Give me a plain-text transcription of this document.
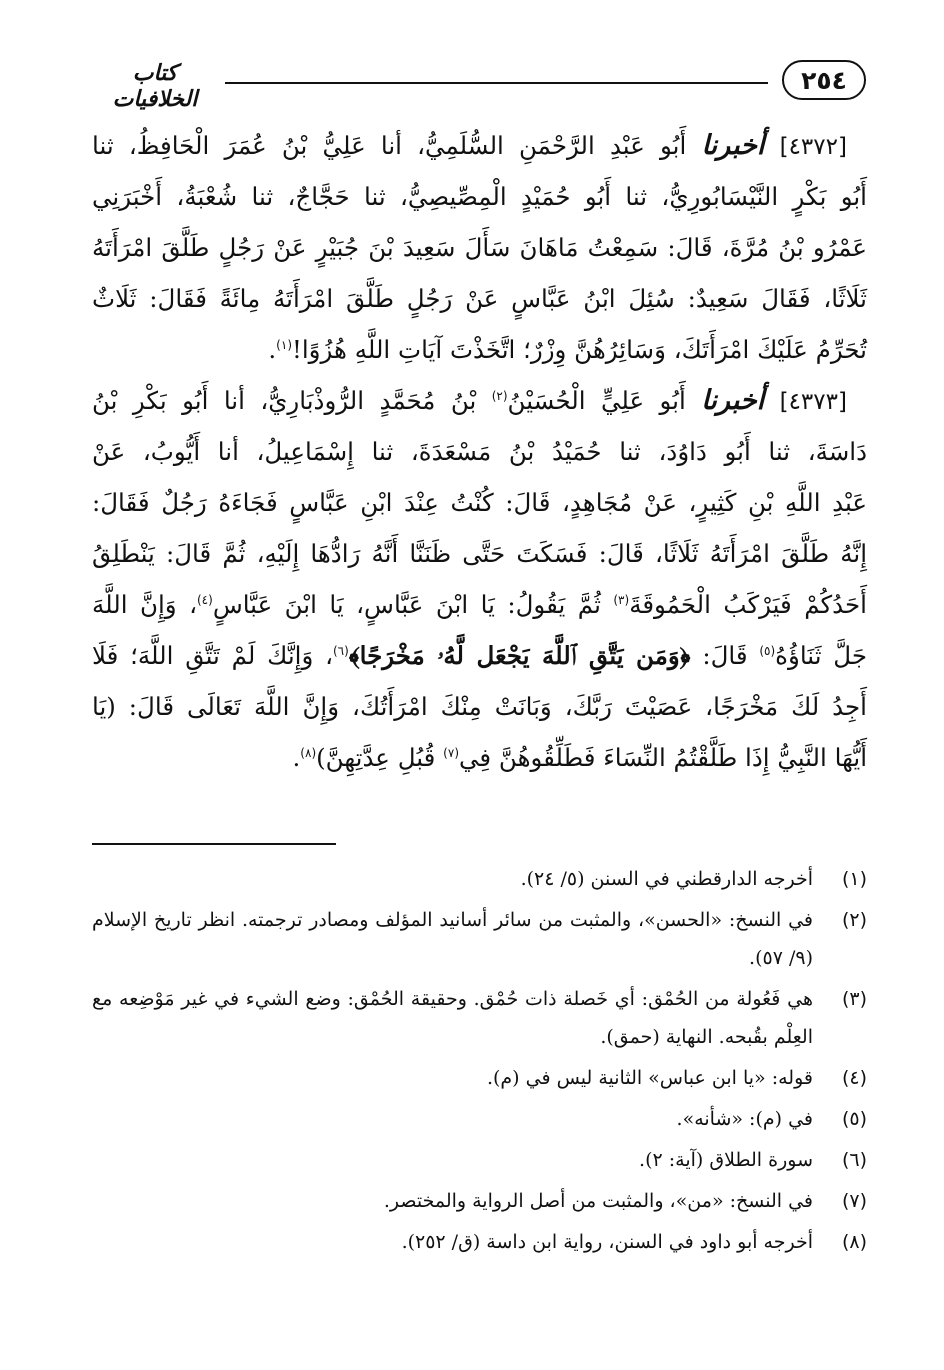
٢٥٤
كتاب الخلافيات
[٤٣٧٢] أخبرنا أَبُو عَبْدِ الرَّحْمَنِ السُّلَمِيُّ، أنا عَلِيُّ بْنُ عُمَرَ الْحَافِظُ، ثنا
أَبُو بَكْرٍ النَّيْسَابُورِيُّ، ثنا أَبُو حُمَيْدٍ الْمِصِّيصِيُّ، ثنا حَجَّاجٌ، ثنا شُعْبَةُ، أَخْبَرَنِي
عَمْرُو بْنُ مُرَّةَ، قَالَ: سَمِعْتُ مَاهَانَ سَأَلَ سَعِيدَ بْنَ جُبَيْرٍ عَنْ رَجُلٍ طَلَّقَ امْرَأَتَهُ
ثَلَاثًا، فَقَالَ سَعِيدٌ: سُئِلَ ابْنُ عَبَّاسٍ عَنْ رَجُلٍ طَلَّقَ امْرَأَتَهُ مِائَةً فَقَالَ: ثَلَاثٌ
تُحَرِّمُ عَلَيْكَ امْرَأَتَكَ، وَسَائِرُهُنَّ وِزْرٌ؛ اتَّخَذْتَ آيَاتِ اللَّهِ هُزُوًا!$^{(١)}$.
[٤٣٧٣] أخبرنا أَبُو عَلِيٍّ الْحُسَيْنُ$^{(٢)}$ بْنُ مُحَمَّدٍ الرُّوذْبَارِيُّ، أنا أَبُو بَكْرِ بْنُ
دَاسَةَ، ثنا أَبُو دَاوُدَ، ثنا حُمَيْدُ بْنُ مَسْعَدَةَ، ثنا إِسْمَاعِيلُ، أنا أَيُّوبُ، عَنْ
عَبْدِ اللَّهِ بْنِ كَثِيرٍ، عَنْ مُجَاهِدٍ، قَالَ: كُنْتُ عِنْدَ ابْنِ عَبَّاسٍ فَجَاءَهُ رَجُلٌ فَقَالَ:
إِنَّهُ طَلَّقَ امْرَأَتَهُ ثَلَاثًا، قَالَ: فَسَكَتَ حَتَّى ظَنَنَّا أَنَّهُ رَادُّهَا إِلَيْهِ، ثُمَّ قَالَ: يَنْطَلِقُ
أَحَدُكُمْ فَيَرْكَبُ الْحَمُوقَةَ$^{(٣)}$ ثُمَّ يَقُولُ: يَا ابْنَ عَبَّاسٍ، يَا ابْنَ عَبَّاسٍ$^{(٤)}$، وَإِنَّ اللَّهَ
جَلَّ ثَنَاؤُهُ$^{(٥)}$ قَالَ: ﴿وَمَن يَتَّقِ ٱللَّهَ يَجْعَل لَّهُۥ مَخْرَجًا﴾$^{(٦)}$، وَإِنَّكَ لَمْ تَتَّقِ اللَّهَ؛ فَلَا
أَجِدُ لَكَ مَخْرَجًا، عَصَيْتَ رَبَّكَ، وَبَانَتْ مِنْكَ امْرَأَتُكَ، وَإِنَّ اللَّهَ تَعَالَى قَالَ: (يَا
أَيُّهَا النَّبِيُّ إِذَا طَلَّقْتُمُ النِّسَاءَ فَطَلِّقُوهُنَّ فِي$^{(٧)}$ قُبُلِ عِدَّتِهِنَّ)$^{(٨)}$.
(١)
أخرجه الدارقطني في السنن (٥/ ٢٤).
(٢)
في النسخ: «الحسن»، والمثبت من سائر أسانيد المؤلف ومصادر ترجمته. انظر تاريخ الإسلام (٩/ ٥٧).
(٣)
هي فَعُولة من الحُمْق: أي خَصلة ذات حُمْق. وحقيقة الحُمْق: وضع الشيء في غير مَوْضِعه مع العِلْم بقُبحه. النهاية (حمق).
(٤)
قوله: «يا ابن عباس» الثانية ليس في (م).
(٥)
في (م): «شأنه».
(٦)
سورة الطلاق (آية: ٢).
(٧)
في النسخ: «من»، والمثبت من أصل الرواية والمختصر.
(٨)
أخرجه أبو داود في السنن، رواية ابن داسة (ق/ ٢٥٢).
